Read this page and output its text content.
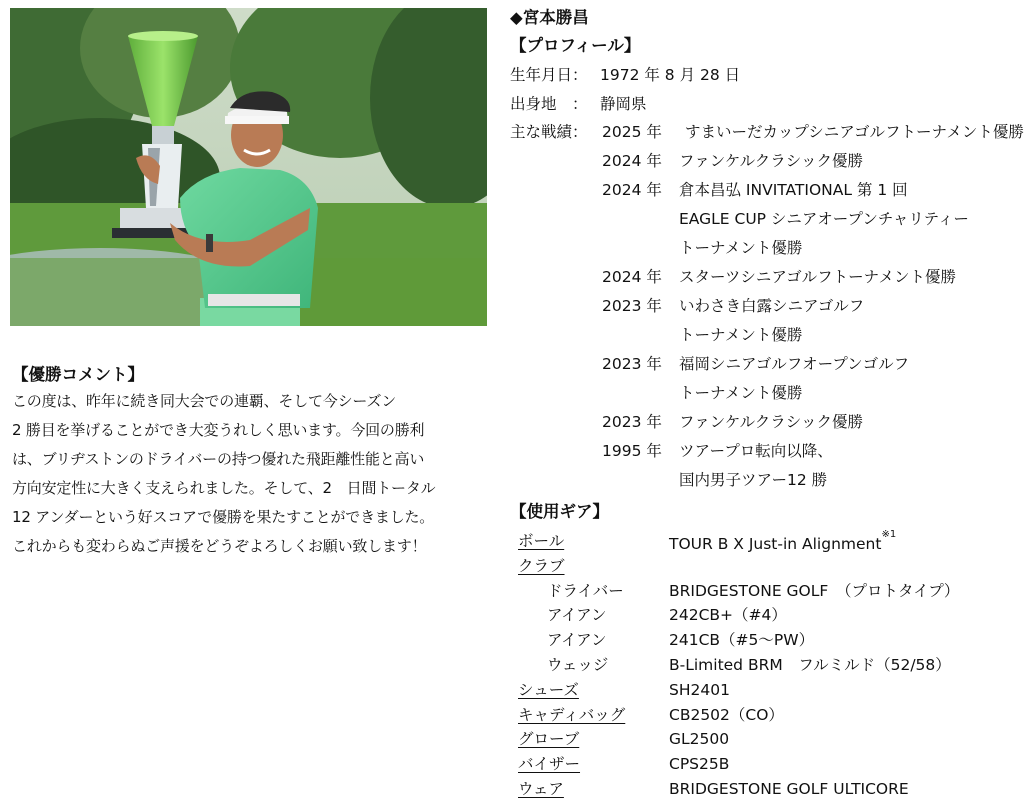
【優勝コメント】

この度は、昨年に続き同大会での連覇、そして今シーズン

2 勝目を挙げることができ大変うれしく思います。今回の勝利

は、ブリヂストンのドライバーの持つ優れた飛距離性能と高い

方向安定性に大きく支えられました。そして、2　日間トータル

12 アンダーという好スコアで優勝を果たすことができました。

これからも変わらぬご声援をどうぞよろしくお願い致します！

◆宮本勝昌
【プロフィール】
生年月日： 1972 年 8 月 28 日
出身地　： 静岡県
主な戦績： 2025 年	すまいーだカップシニアゴルフトーナメント優勝
2024 年	ファンケルクラシック優勝
2024 年	倉本昌弘 INVITATIONAL 第 1 回
EAGLE CUP シニアオープンチャリティー
トーナメント優勝
2024 年	スターツシニアゴルフトーナメント優勝
2023 年	いわさき白露シニアゴルフ
トーナメント優勝
2023 年	福岡シニアゴルフオープンゴルフ
トーナメント優勝
2023 年	ファンケルクラシック優勝
1995 年	ツアープロ転向以降、
国内男子ツアー12 勝
【使用ギア】
ボール	TOUR B X Just-in Alignment$^{※1}$
クラブ
ドライバー	BRIDGESTONE GOLF　（プロトタイプ）
アイアン	242CB+（#4）
アイアン	241CB（#5～PW）
ウェッジ	B-Limited BRM　フルミルド（52/58）
シューズ	SH2401
キャディバッグ	CB2502（CO）
グローブ	GL2500
バイザー	CPS25B
ウェア	BRIDGESTONE GOLF ULTICORE
